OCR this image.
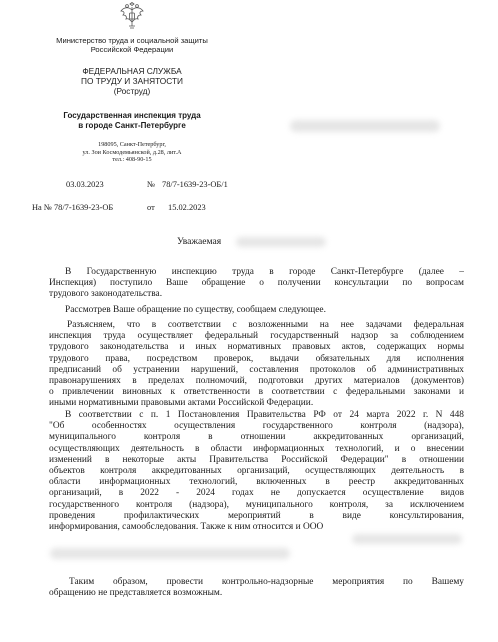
Министерство труда и социальной защиты
Российской Федерации
ФЕДЕРАЛЬНАЯ СЛУЖБА
ПО ТРУДУ И ЗАНЯТОСТИ
(Роструд)
Государственная инспекция труда
в городе Санкт-Петербурге
198095, Санкт-Петербург,
ул. Зои Космодемьянской, д.28, лит.А
тел.: 408-90-15
03.03.2023	№ 78/7-1639-23-ОБ/1
На № 78/7-1639-23-ОБ	от 15.02.2023
Уважаемая
В Государственную инспекцию труда в городе Санкт-Петербурге (далее –
Инспекция) поступило Ваше обращение о получении консультации по вопросам
трудового законодательства.
Рассмотрев Ваше обращение по существу, сообщаем следующее.
Разъясняем, что в соответствии с возложенными на нее задачами федеральная
инспекция труда осуществляет федеральный государственный надзор за соблюдением
трудового законодательства и иных нормативных правовых актов, содержащих нормы
трудового права, посредством проверок, выдачи обязательных для исполнения
предписаний об устранении нарушений, составления протоколов об административных
правонарушениях в пределах полномочий, подготовки других материалов (документов)
о привлечении виновных к ответственности в соответствии с федеральными законами и
иными нормативными правовыми актами Российской Федерации.
В соответствии с п. 1 Постановления Правительства РФ от 24 марта 2022 г. N 448
"Об особенностях осуществления государственного контроля (надзора),
муниципального контроля в отношении аккредитованных организаций,
осуществляющих деятельность в области информационных технологий, и о внесении
изменений в некоторые акты Правительства Российской Федерации" в отношении
объектов контроля аккредитованных организаций, осуществляющих деятельность в
области информационных технологий, включенных в реестр аккредитованных
организаций, в 2022 - 2024 годах не допускается осуществление видов
государственного контроля (надзора), муниципального контроля, за исключением
проведения профилактических мероприятий в виде консультирования,
информирования, самообследования. Также к ним относится и ООО
Таким образом, провести контрольно-надзорные мероприятия по Вашему
обращению не представляется возможным.
